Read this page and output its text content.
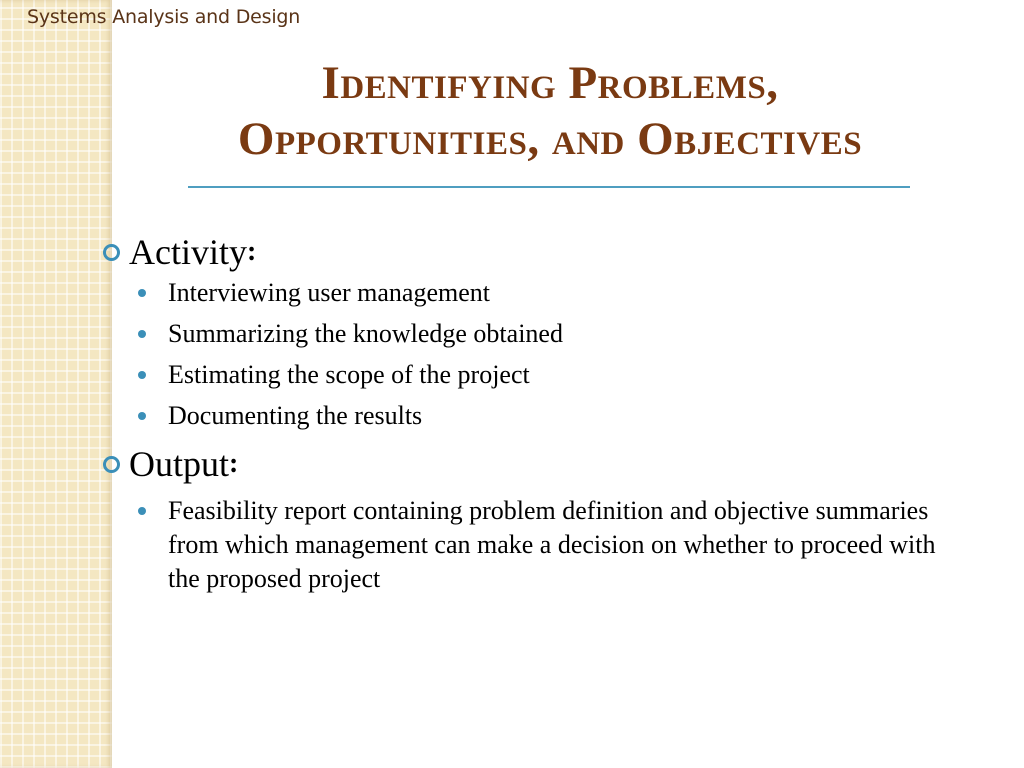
Systems Analysis and Design
Identifying Problems,
Opportunities, and Objectives
Activity :
Interviewing user management
Summarizing the knowledge obtained
Estimating the scope of the project
Documenting the results
Output :
Feasibility report containing problem definition and objective summaries from which management can make a decision on whether to proceed with the proposed project
